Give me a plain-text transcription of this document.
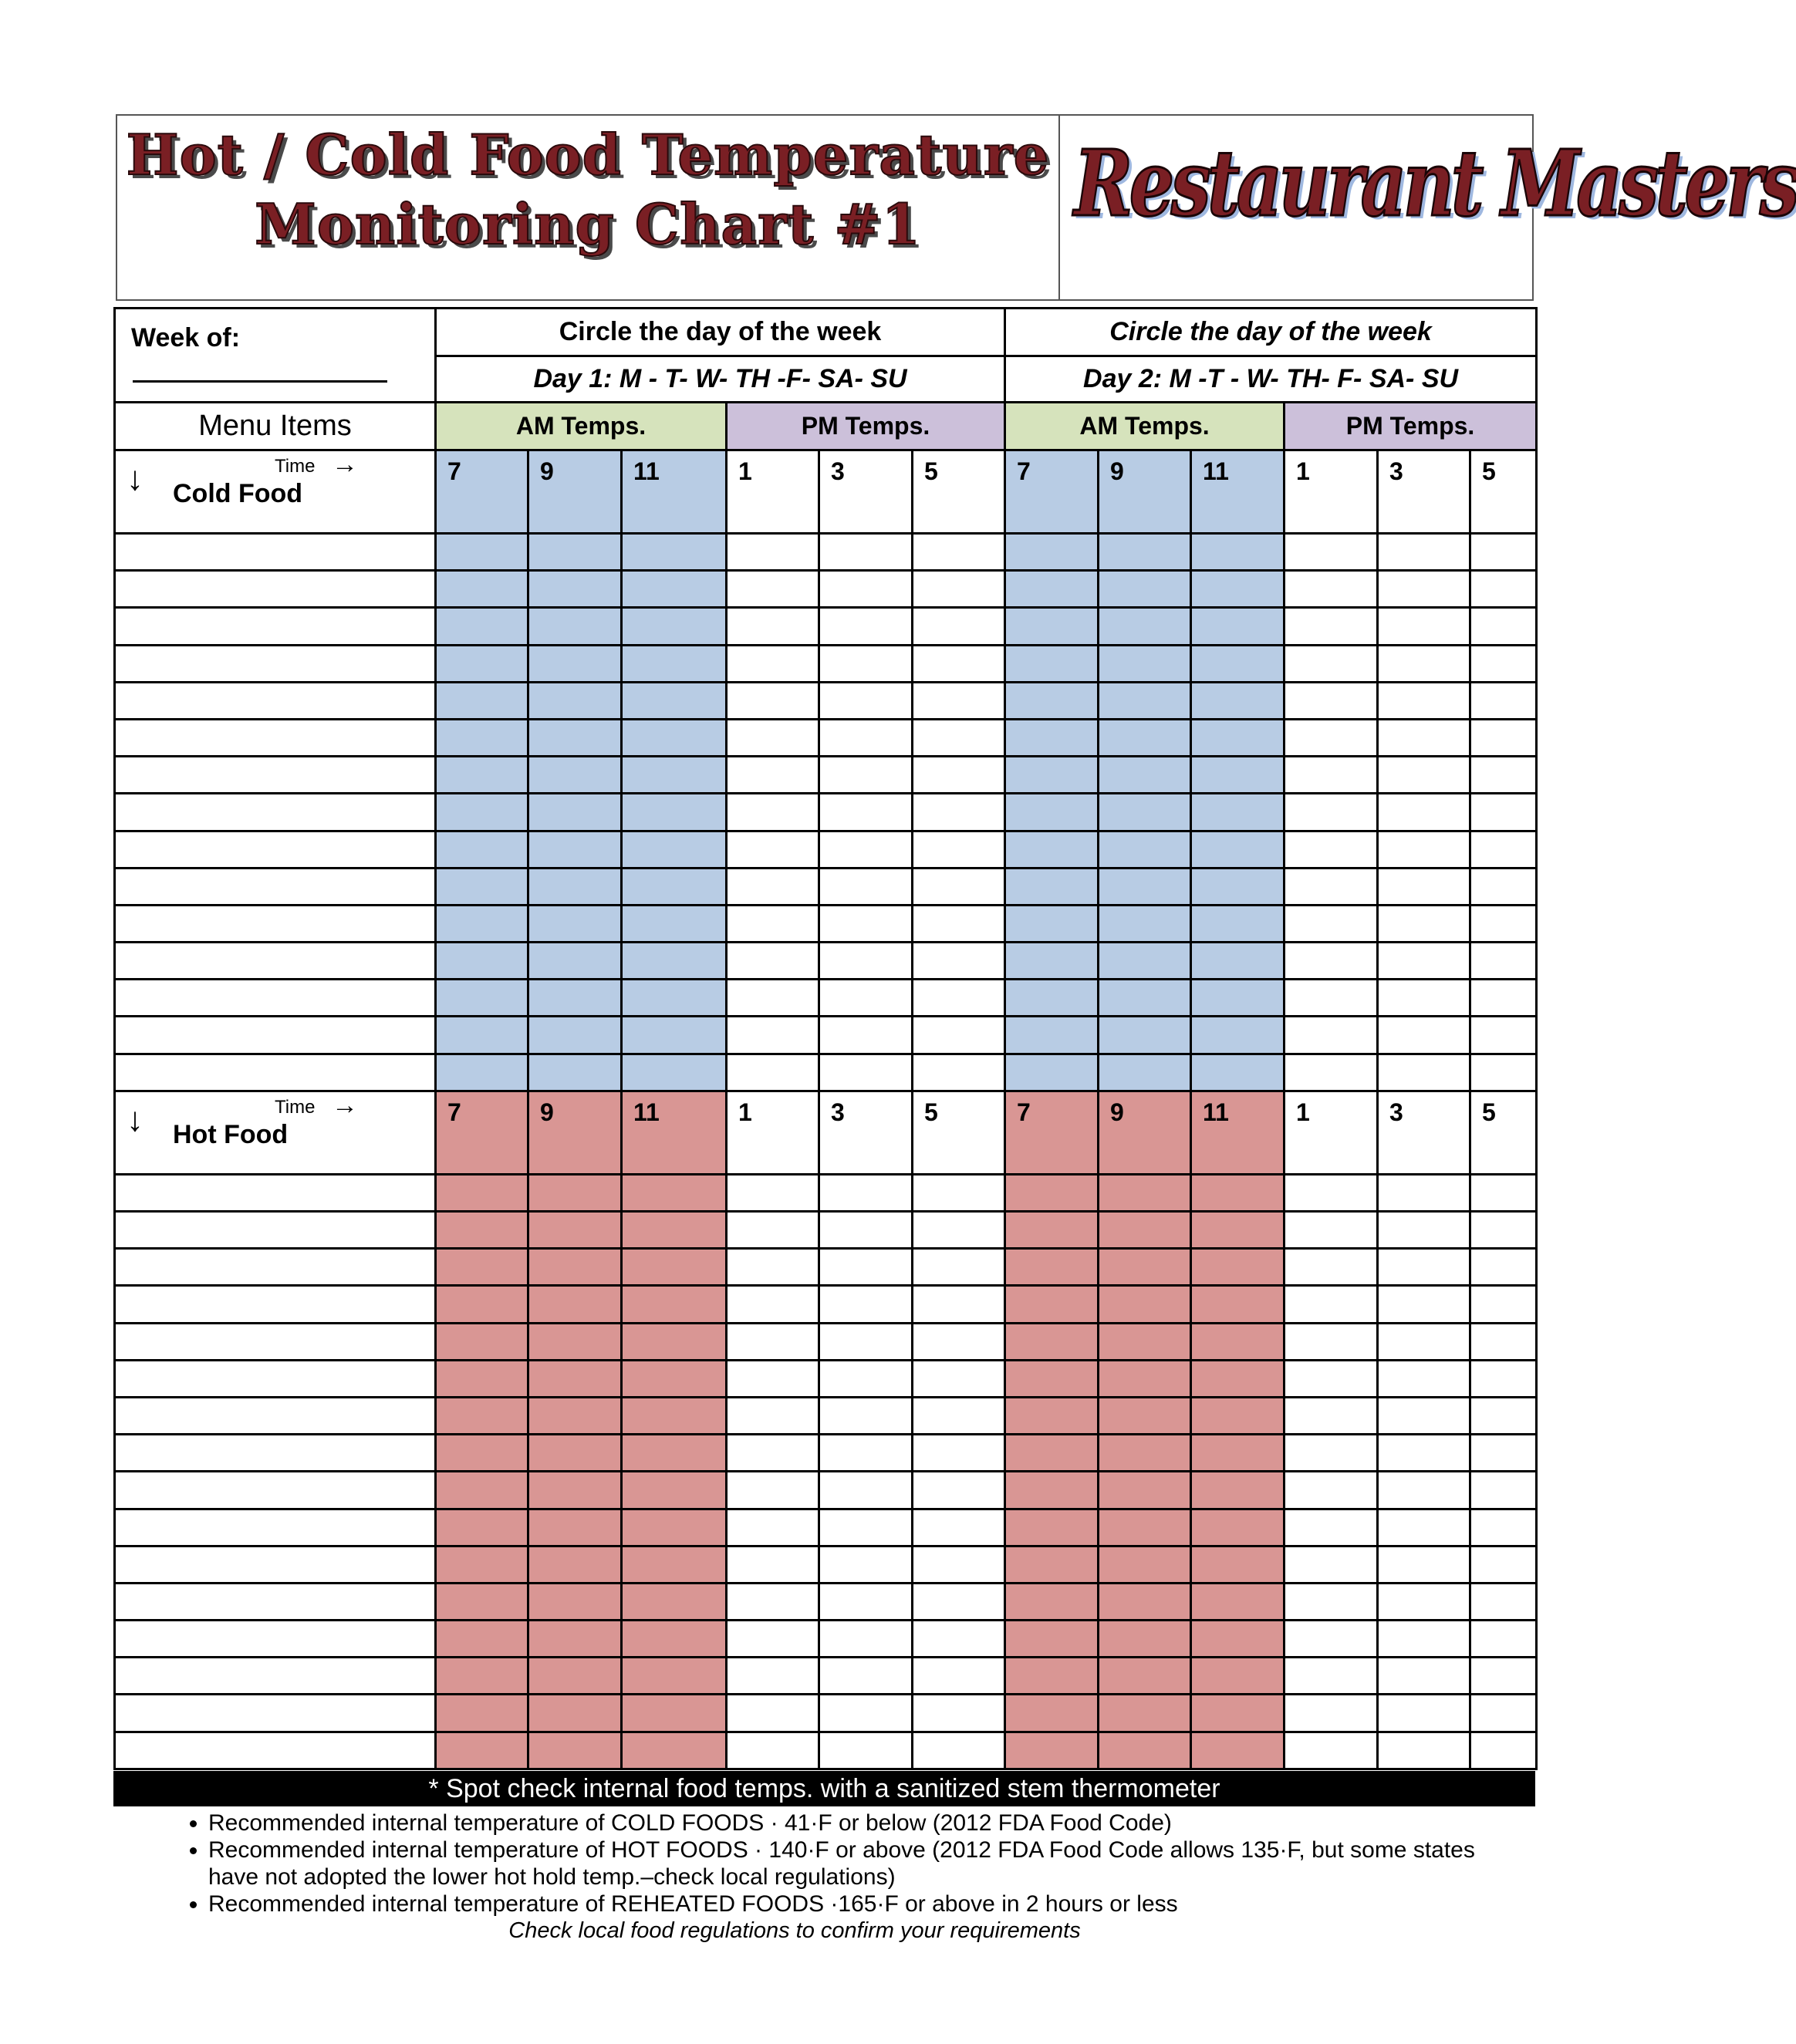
Hot / Cold Food Temperature
Monitoring Chart #1	Restaurant Masters
Week of:	Circle the day of the week						Circle the day of the week					
	Day 1: M - T- W- TH -F- SA- SU						Day 2: M -T - W- TH- F- SA- SU					
Menu Items	AM Temps.			PM Temps.			AM Temps.			PM Temps.		

Time →
↓ Cold Food	7	9	11	1	3	5	7	9	11	1	3	5

Time →
↓ Hot Food	7	9	11	1	3	5	7	9	11	1	3	5

* Spot check internal food temps. with a sanitized stem thermometer
• Recommended internal temperature of COLD FOODS · 41·F or below (2012 FDA Food Code)
• Recommended internal temperature of HOT FOODS · 140·F or above (2012 FDA Food Code allows 135·F, but some states have not adopted the lower hot hold temp.–check local regulations)
• Recommended internal temperature of REHEATED FOODS ·165·F or above in 2 hours or less
Check local food regulations to confirm your requirements
